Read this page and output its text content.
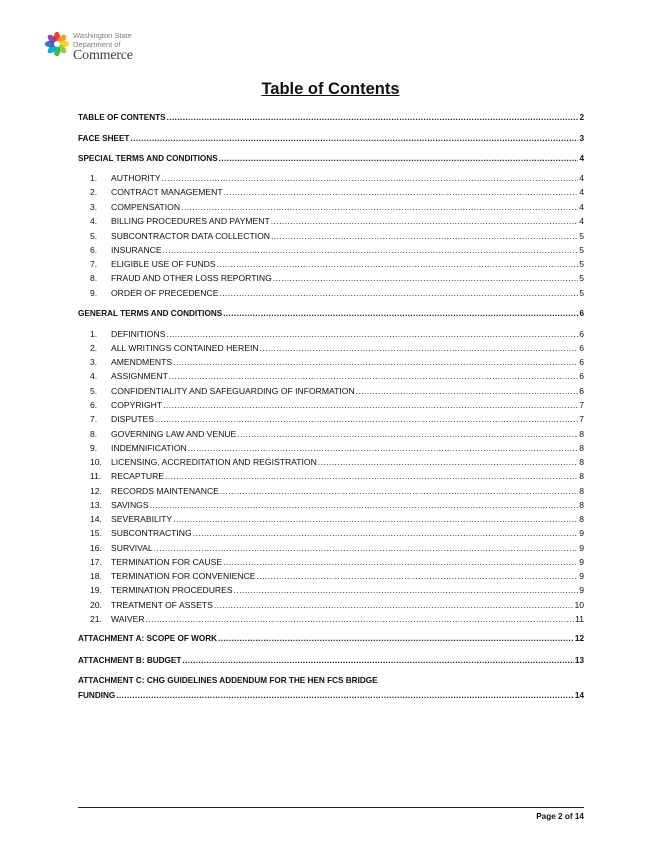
Washington State
Department of
Commerce
Table of Contents
TABLE OF CONTENTS .....	2
FACE SHEET .....	3
SPECIAL TERMS AND CONDITIONS .....	4
1.	AUTHORITY .....	4
2.	CONTRACT MANAGEMENT .....	4
3.	COMPENSATION .....	4
4.	BILLING PROCEDURES AND PAYMENT .....	4
5.	SUBCONTRACTOR DATA COLLECTION .....	5
6.	INSURANCE .....	5
7.	ELIGIBLE USE OF FUNDS .....	5
8.	FRAUD AND OTHER LOSS REPORTING .....	5
9.	ORDER OF PRECEDENCE .....	5
GENERAL TERMS AND CONDITIONS .....	6
1.	DEFINITIONS .....	6
2.	ALL WRITINGS CONTAINED HEREIN .....	6
3.	AMENDMENTS .....	6
4.	ASSIGNMENT .....	6
5.	CONFIDENTIALITY AND SAFEGUARDING OF INFORMATION .....	6
6.	COPYRIGHT .....	7
7.	DISPUTES .....	7
8.	GOVERNING LAW AND VENUE .....	8
9.	INDEMNIFICATION .....	8
10.	LICENSING, ACCREDITATION AND REGISTRATION .....	8
11.	RECAPTURE .....	8
12.	RECORDS MAINTENANCE .....	8
13.	SAVINGS .....	8
14.	SEVERABILITY .....	8
15.	SUBCONTRACTING .....	9
16.	SURVIVAL .....	9
17.	TERMINATION FOR CAUSE .....	9
18.	TERMINATION FOR CONVENIENCE .....	9
19.	TERMINATION PROCEDURES .....	9
20.	TREATMENT OF ASSETS .....	10
21.	WAIVER .....	11
ATTACHMENT A: SCOPE OF WORK .....	12
ATTACHMENT B: BUDGET .....	13
ATTACHMENT C: CHG GUIDELINES ADDENDUM FOR THE HEN FCS BRIDGE
FUNDING .....	14
Page 2 of 14
